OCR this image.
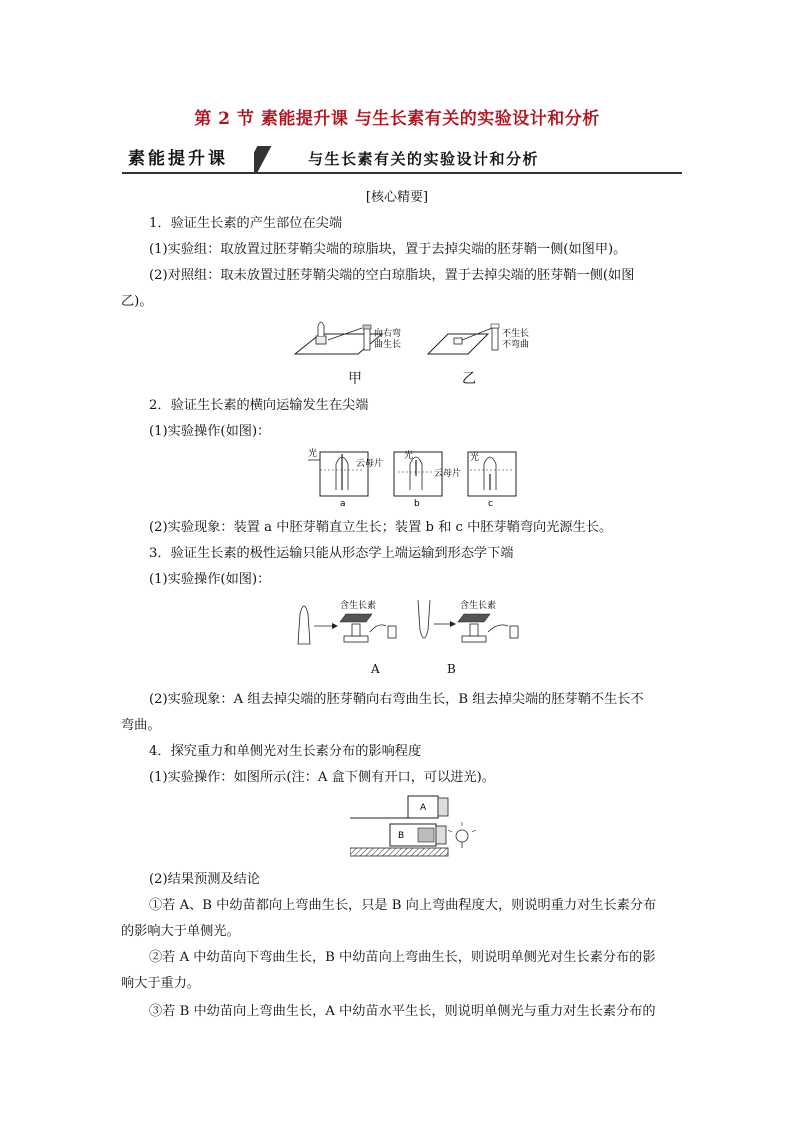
第 2 节 素能提升课 与生长素有关的实验设计和分析
素能提升课	与生长素有关的实验设计和分析
[核心精要]
1．验证生长素的产生部位在尖端
(1)实验组：取放置过胚芽鞘尖端的琼脂块，置于去掉尖端的胚芽鞘一侧(如图甲)。
(2)对照组：取未放置过胚芽鞘尖端的空白琼脂块，置于去掉尖端的胚芽鞘一侧(如图
乙)。
向右弯
曲生长
不生长
不弯曲
甲	乙
2．验证生长素的横向运输发生在尖端
(1)实验操作(如图)：
光
云母片
a
光
云母片
b
光
c
(2)实验现象：装置 a 中胚芽鞘直立生长；装置 b 和 c 中胚芽鞘弯向光源生长。
3．验证生长素的极性运输只能从形态学上端运输到形态学下端
(1)实验操作(如图)：
含生长素	含生长素
A	B
(2)实验现象：A 组去掉尖端的胚芽鞘向右弯曲生长，B 组去掉尖端的胚芽鞘不生长不
弯曲。
4．探究重力和单侧光对生长素分布的影响程度
(1)实验操作：如图所示(注：A 盒下侧有开口，可以进光)。
A
B
(2)结果预测及结论
①若 A、B 中幼苗都向上弯曲生长，只是 B 向上弯曲程度大，则说明重力对生长素分布
的影响大于单侧光。
②若 A 中幼苗向下弯曲生长，B 中幼苗向上弯曲生长，则说明单侧光对生长素分布的影
响大于重力。
③若 B 中幼苗向上弯曲生长，A 中幼苗水平生长，则说明单侧光与重力对生长素分布的
